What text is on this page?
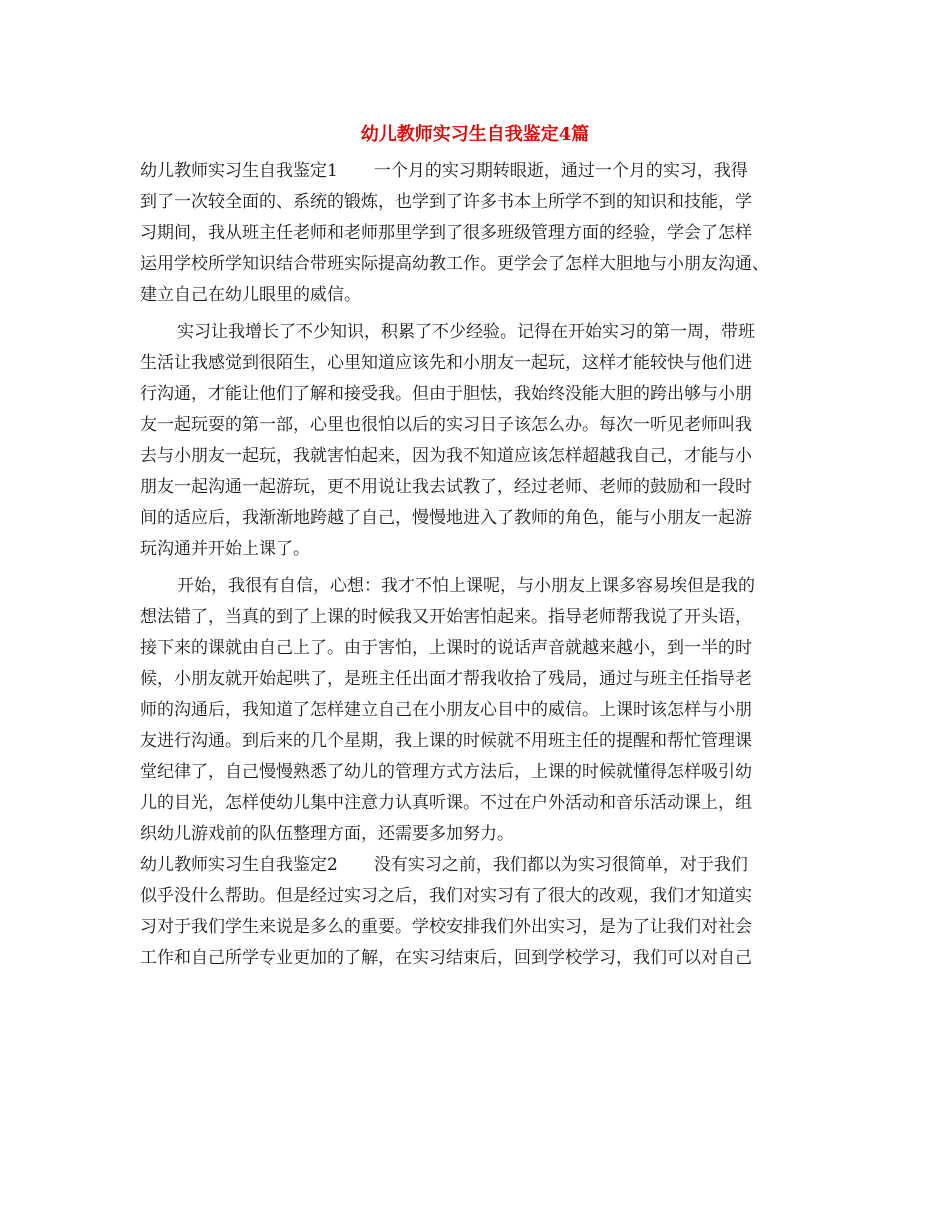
幼儿教师实习生自我鉴定4篇
幼儿教师实习生自我鉴定1 一个月的实习期转眼逝，通过一个月的实习，我得
到了一次较全面的、系统的锻炼，也学到了许多书本上所学不到的知识和技能，学
习期间，我从班主任老师和老师那里学到了很多班级管理方面的经验，学会了怎样
运用学校所学知识结合带班实际提高幼教工作。更学会了怎样大胆地与小朋友沟通、
建立自己在幼儿眼里的威信。
实习让我增长了不少知识，积累了不少经验。记得在开始实习的第一周，带班
生活让我感觉到很陌生，心里知道应该先和小朋友一起玩，这样才能较快与他们进
行沟通，才能让他们了解和接受我。但由于胆怯，我始终没能大胆的跨出够与小朋
友一起玩耍的第一部，心里也很怕以后的实习日子该怎么办。每次一听见老师叫我
去与小朋友一起玩，我就害怕起来，因为我不知道应该怎样超越我自己，才能与小
朋友一起沟通一起游玩，更不用说让我去试教了，经过老师、老师的鼓励和一段时
间的适应后，我渐渐地跨越了自己，慢慢地进入了教师的角色，能与小朋友一起游
玩沟通并开始上课了。
开始，我很有自信，心想：我才不怕上课呢，与小朋友上课多容易埃但是我的
想法错了，当真的到了上课的时候我又开始害怕起来。指导老师帮我说了开头语，
接下来的课就由自己上了。由于害怕，上课时的说话声音就越来越小，到一半的时
候，小朋友就开始起哄了，是班主任出面才帮我收拾了残局，通过与班主任指导老
师的沟通后，我知道了怎样建立自己在小朋友心目中的威信。上课时该怎样与小朋
友进行沟通。到后来的几个星期，我上课的时候就不用班主任的提醒和帮忙管理课
堂纪律了，自己慢慢熟悉了幼儿的管理方式方法后，上课的时候就懂得怎样吸引幼
儿的目光，怎样使幼儿集中注意力认真听课。不过在户外活动和音乐活动课上，组
织幼儿游戏前的队伍整理方面，还需要多加努力。
幼儿教师实习生自我鉴定2 没有实习之前，我们都以为实习很简单，对于我们
似乎没什么帮助。但是经过实习之后，我们对实习有了很大的改观，我们才知道实
习对于我们学生来说是多么的重要。学校安排我们外出实习，是为了让我们对社会
工作和自己所学专业更加的了解，在实习结束后，回到学校学习，我们可以对自己
